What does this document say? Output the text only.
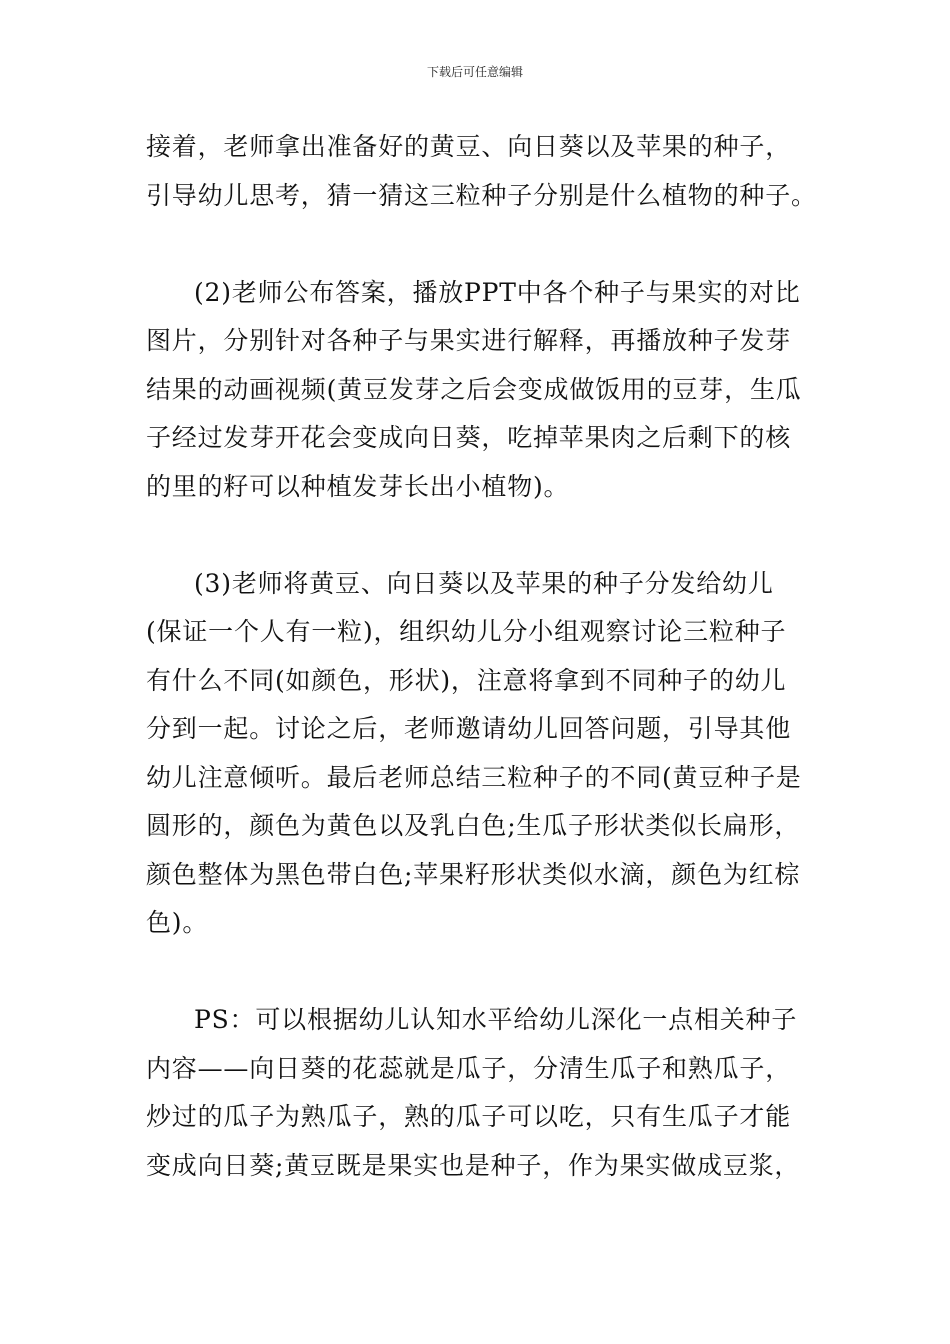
下载后可任意编辑
接着，老师拿出准备好的黄豆、向日葵以及苹果的种子，
引导幼儿思考，猜一猜这三粒种子分别是什么植物的种子。
(2)老师公布答案，播放PPT中各个种子与果实的对比
图片，分别针对各种子与果实进行解释，再播放种子发芽
结果的动画视频(黄豆发芽之后会变成做饭用的豆芽，生瓜
子经过发芽开花会变成向日葵，吃掉苹果肉之后剩下的核
的里的籽可以种植发芽长出小植物)。
(3)老师将黄豆、向日葵以及苹果的种子分发给幼儿
(保证一个人有一粒)，组织幼儿分小组观察讨论三粒种子
有什么不同(如颜色，形状)，注意将拿到不同种子的幼儿
分到一起。讨论之后，老师邀请幼儿回答问题，引导其他
幼儿注意倾听。最后老师总结三粒种子的不同(黄豆种子是
圆形的，颜色为黄色以及乳白色;生瓜子形状类似长扁形，
颜色整体为黑色带白色;苹果籽形状类似水滴，颜色为红棕
色)。
PS：可以根据幼儿认知水平给幼儿深化一点相关种子
内容——向日葵的花蕊就是瓜子，分清生瓜子和熟瓜子，
炒过的瓜子为熟瓜子，熟的瓜子可以吃，只有生瓜子才能
变成向日葵;黄豆既是果实也是种子，作为果实做成豆浆，
